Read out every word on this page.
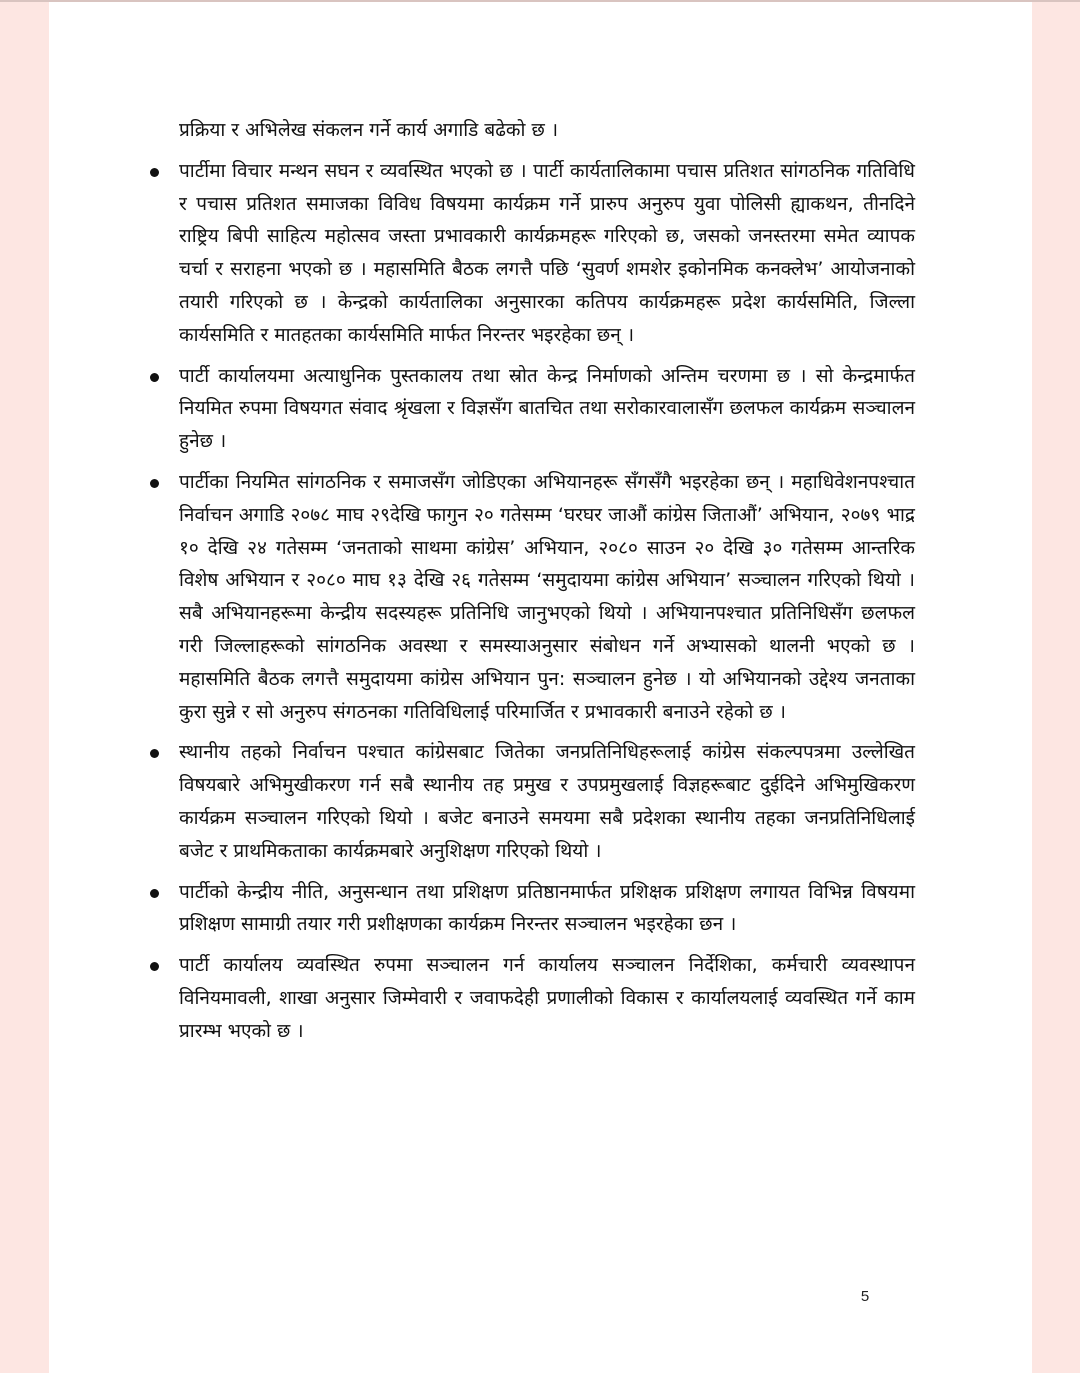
प्रक्रिया र अभिलेख संकलन गर्ने कार्य अगाडि बढेको छ ।

पार्टीमा विचार मन्थन सघन र व्यवस्थित भएको छ । पार्टी कार्यतालिकामा पचास प्रतिशत सांगठनिक गतिविधि र पचास प्रतिशत समाजका विविध विषयमा कार्यक्रम गर्ने प्रारुप अनुरुप युवा पोलिसी ह्याकथन, तीनदिने राष्ट्रिय बिपी साहित्य महोत्सव जस्ता प्रभावकारी कार्यक्रमहरू गरिएको छ, जसको जनस्तरमा समेत व्यापक चर्चा र सराहना भएको छ । महासमिति बैठक लगत्तै पछि ‘सुवर्ण शमशेर इकोनमिक कनक्लेभ’ आयोजनाको तयारी गरिएको छ । केन्द्रको कार्यतालिका अनुसारका कतिपय कार्यक्रमहरू प्रदेश कार्यसमिति, जिल्ला कार्यसमिति र मातहतका कार्यसमिति मार्फत निरन्तर भइरहेका छन् ।
पार्टी कार्यालयमा अत्याधुनिक पुस्तकालय तथा स्रोत केन्द्र निर्माणको अन्तिम चरणमा छ । सो केन्द्रमार्फत नियमित रुपमा विषयगत संवाद श्रृंखला र विज्ञसँग बातचित तथा सरोकारवालासँग छलफल कार्यक्रम सञ्चालन हुनेछ ।
पार्टीका नियमित सांगठनिक र समाजसँग जोडिएका अभियानहरू सँगसँगै भइरहेका छन् । महाधिवेशनपश्चात निर्वाचन अगाडि २०७८ माघ २९देखि फागुन २० गतेसम्म ‘घरघर जाऔं कांग्रेस जिताऔं’ अभियान, २०७९ भाद्र १० देखि २४ गतेसम्म ‘जनताको साथमा कांग्रेस’ अभियान, २०८० साउन २० देखि ३० गतेसम्म आन्तरिक विशेष अभियान र २०८० माघ १३ देखि २६ गतेसम्म ‘समुदायमा कांग्रेस अभियान’ सञ्चालन गरिएको थियो । सबै अभियानहरूमा केन्द्रीय सदस्यहरू प्रतिनिधि जानुभएको थियो । अभियानपश्चात प्रतिनिधिसँग छलफल गरी जिल्लाहरूको सांगठनिक अवस्था र समस्याअनुसार संबोधन गर्ने अभ्यासको थालनी भएको छ । महासमिति बैठक लगत्तै समुदायमा कांग्रेस अभियान पुन: सञ्चालन हुनेछ । यो अभियानको उद्देश्य जनताका कुरा सुन्ने र सो अनुरुप संगठनका गतिविधिलाई परिमार्जित र प्रभावकारी बनाउने रहेको छ ।
स्थानीय तहको निर्वाचन पश्चात कांग्रेसबाट जितेका जनप्रतिनिधिहरूलाई कांग्रेस संकल्पपत्रमा उल्लेखित विषयबारे अभिमुखीकरण गर्न सबै स्थानीय तह प्रमुख र उपप्रमुखलाई विज्ञहरूबाट दुईदिने अभिमुखिकरण कार्यक्रम सञ्चालन गरिएको थियो । बजेट बनाउने समयमा सबै प्रदेशका स्थानीय तहका जनप्रतिनिधिलाई बजेट र प्राथमिकताका कार्यक्रमबारे अनुशिक्षण गरिएको थियो ।
पार्टीको केन्द्रीय नीति, अनुसन्धान तथा प्रशिक्षण प्रतिष्ठानमार्फत प्रशिक्षक प्रशिक्षण लगायत विभिन्न विषयमा प्रशिक्षण सामाग्री तयार गरी प्रशीक्षणका कार्यक्रम निरन्तर सञ्चालन भइरहेका छन ।
पार्टी कार्यालय व्यवस्थित रुपमा सञ्चालन गर्न कार्यालय सञ्चालन निर्देशिका, कर्मचारी व्यवस्थापन विनियमावली, शाखा अनुसार जिम्मेवारी र जवाफदेही प्रणालीको विकास र कार्यालयलाई व्यवस्थित गर्ने काम प्रारम्भ भएको छ ।
5
